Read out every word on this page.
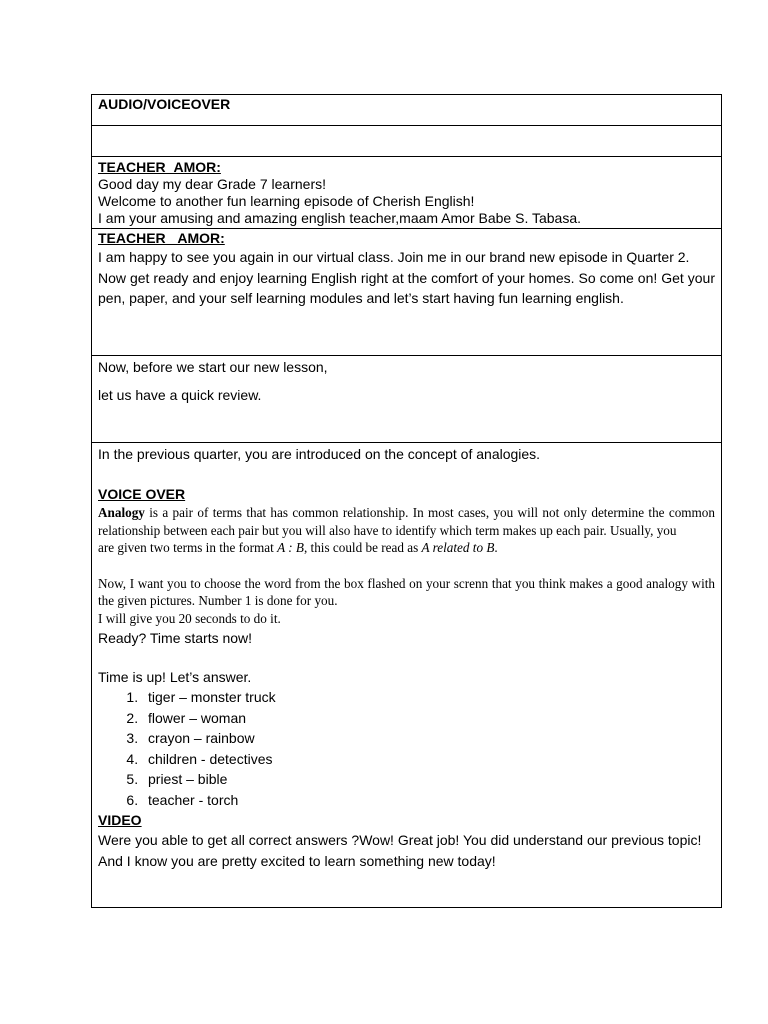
AUDIO/VOICEOVER

TEACHER_AMOR:
Good day my dear Grade 7 learners!
Welcome to another fun learning episode of Cherish English!
I am your amusing and amazing english teacher,maam Amor Babe S. Tabasa.

TEACHER _AMOR:

I am happy to see you again in our virtual class. Join me in our brand new episode in Quarter 2.

Now get ready and enjoy learning English right at the comfort of your homes. So come on! Get your pen, paper, and your self learning modules and let’s start having fun learning english.

Now, before we start our new lesson,
let us have a quick review.

In the previous quarter, you are introduced on the concept of analogies.
VOICE OVER
Analogy is a pair of terms that has common relationship. In most cases, you will not only determine the common relationship between each pair but you will also have to identify which term makes up each pair. Usually, you
are given two terms in the format A : B, this could be read as A related to B.
Now, I want you to choose the word from the box flashed on your screnn that you think makes a good analogy with the given pictures. Number 1 is done for you.
I will give you 20 seconds to do it.
Ready? Time starts now!
Time is up! Let’s answer.
1. tiger – monster truck
2. flower – woman
3. crayon – rainbow
4. children - detectives
5. priest – bible
6. teacher - torch
VIDEO

Were you able to get all correct answers ?Wow! Great job! You did understand our previous topic!

And I know you are pretty excited to learn something new today!
